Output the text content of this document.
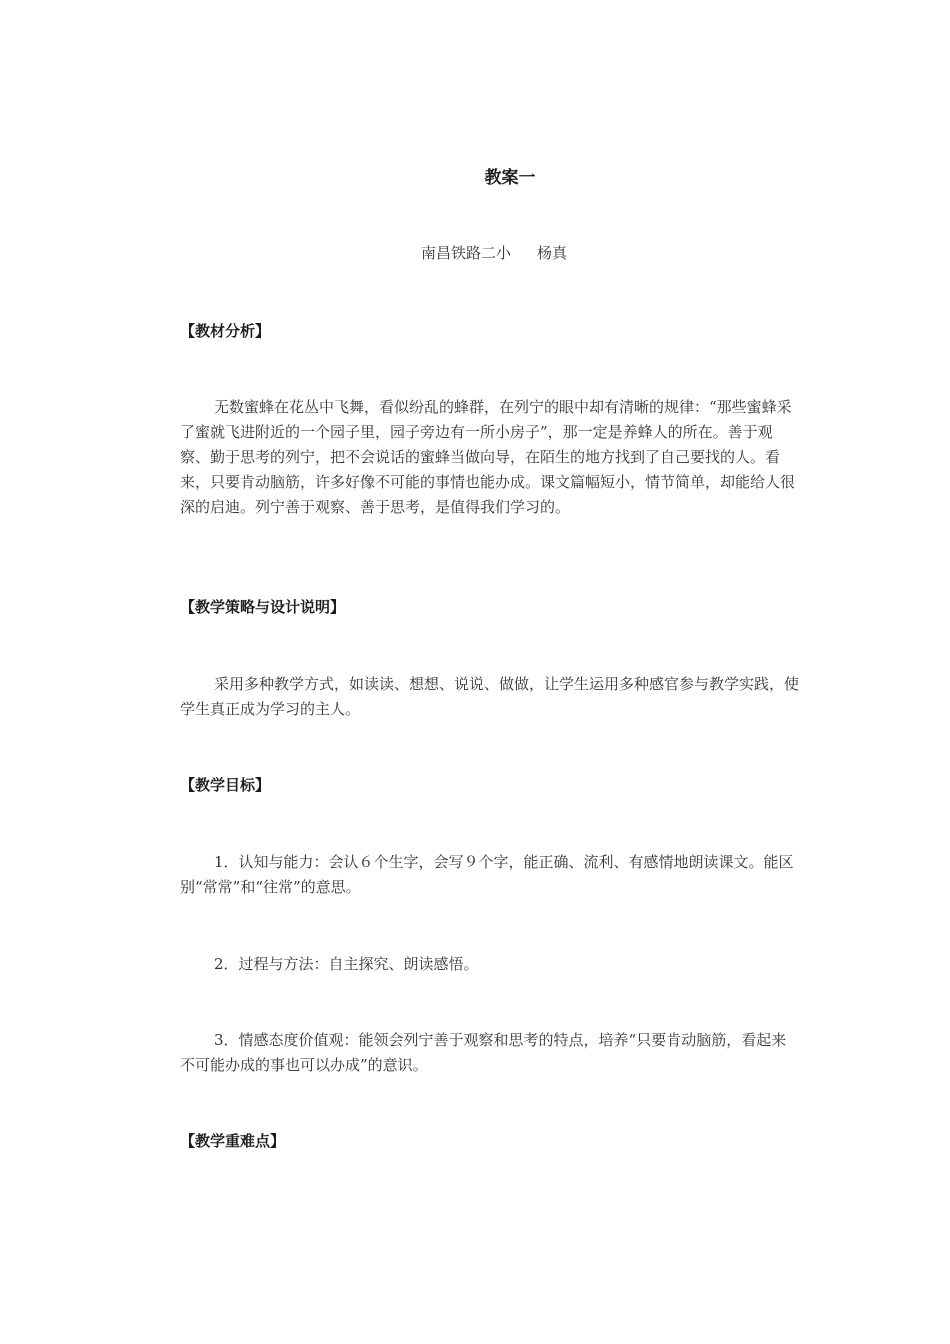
教案一
南昌铁路二小 杨真
【教材分析】

无数蜜蜂在花丛中飞舞，看似纷乱的蜂群，在列宁的眼中却有清晰的规律：“那些蜜蜂采了蜜就飞进附近的一个园子里，园子旁边有一所小房子”，那一定是养蜂人的所在。善于观察、勤于思考的列宁，把不会说话的蜜蜂当做向导，在陌生的地方找到了自己要找的人。看来，只要肯动脑筋，许多好像不可能的事情也能办成。课文篇幅短小，情节简单，却能给人很深的启迪。列宁善于观察、善于思考，是值得我们学习的。

【教学策略与设计说明】

采用多种教学方式，如读读、想想、说说、做做，让学生运用多种感官参与教学实践，使学生真正成为学习的主人。

【教学目标】

1．认知与能力：会认６个生字，会写９个字，能正确、流利、有感情地朗读课文。能区别“常常”和“往常”的意思。

2．过程与方法：自主探究、朗读感悟。

3．情感态度价值观：能领会列宁善于观察和思考的特点，培养“只要肯动脑筋，看起来不可能办成的事也可以办成”的意识。

【教学重难点】
